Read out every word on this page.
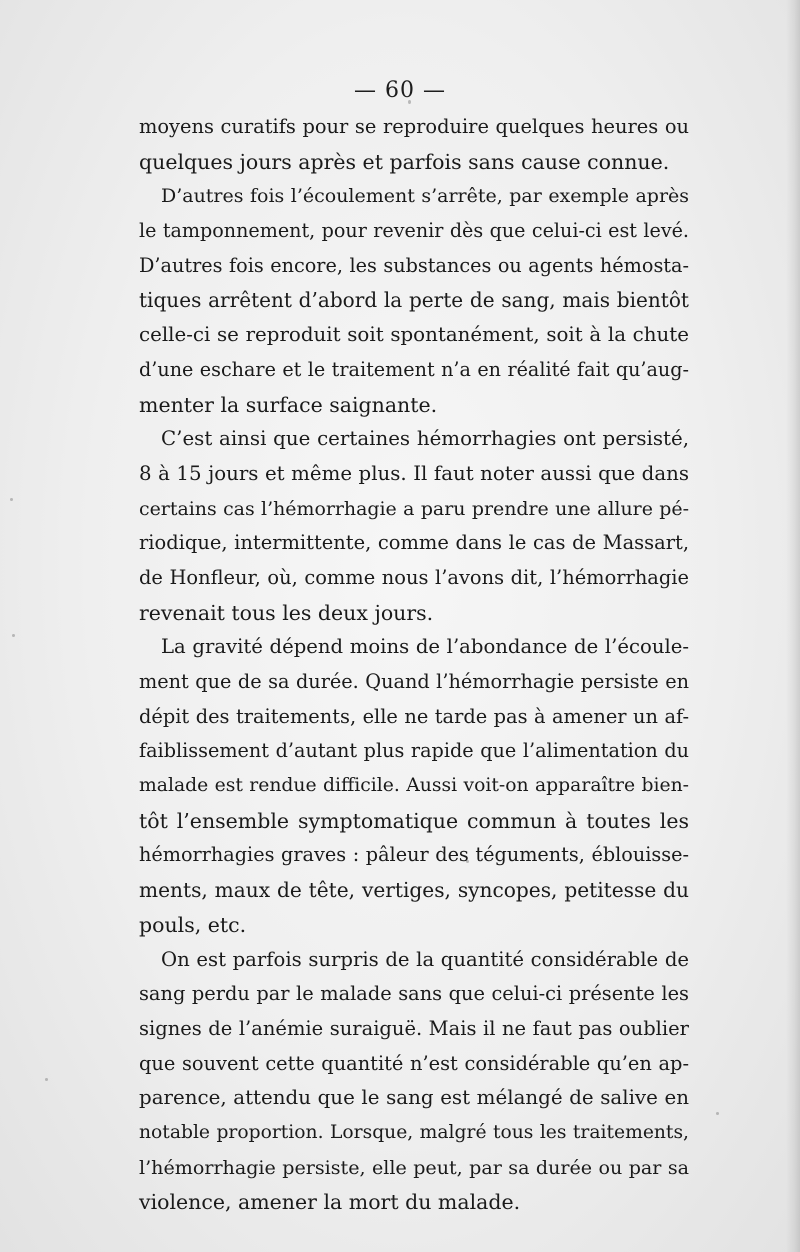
— 60 —
moyens curatifs pour se reproduire quelques heures ou
quelques jours après et parfois sans cause connue.
D’autres fois l’écoulement s’arrête, par exemple après
le tamponnement, pour revenir dès que celui-ci est levé.
D’autres fois encore, les substances ou agents hémosta-
tiques arrêtent d’abord la perte de sang, mais bientôt
celle-ci se reproduit soit spontanément, soit à la chute
d’une eschare et le traitement n’a en réalité fait qu’aug-
menter la surface saignante.
C’est ainsi que certaines hémorrhagies ont persisté,
8 à 15 jours et même plus. Il faut noter aussi que dans
certains cas l’hémorrhagie a paru prendre une allure pé-
riodique, intermittente, comme dans le cas de Massart,
de Honfleur, où, comme nous l’avons dit, l’hémorrhagie
revenait tous les deux jours.
La gravité dépend moins de l’abondance de l’écoule-
ment que de sa durée. Quand l’hémorrhagie persiste en
dépit des traitements, elle ne tarde pas à amener un af-
faiblissement d’autant plus rapide que l’alimentation du
malade est rendue difficile. Aussi voit-on apparaître bien-
tôt l’ensemble symptomatique commun à toutes les
hémorrhagies graves : pâleur des téguments, éblouisse-
ments, maux de tête, vertiges, syncopes, petitesse du
pouls, etc.
On est parfois surpris de la quantité considérable de
sang perdu par le malade sans que celui-ci présente les
signes de l’anémie suraiguë. Mais il ne faut pas oublier
que souvent cette quantité n’est considérable qu’en ap-
parence, attendu que le sang est mélangé de salive en
notable proportion. Lorsque, malgré tous les traitements,
l’hémorrhagie persiste, elle peut, par sa durée ou par sa
violence, amener la mort du malade.
